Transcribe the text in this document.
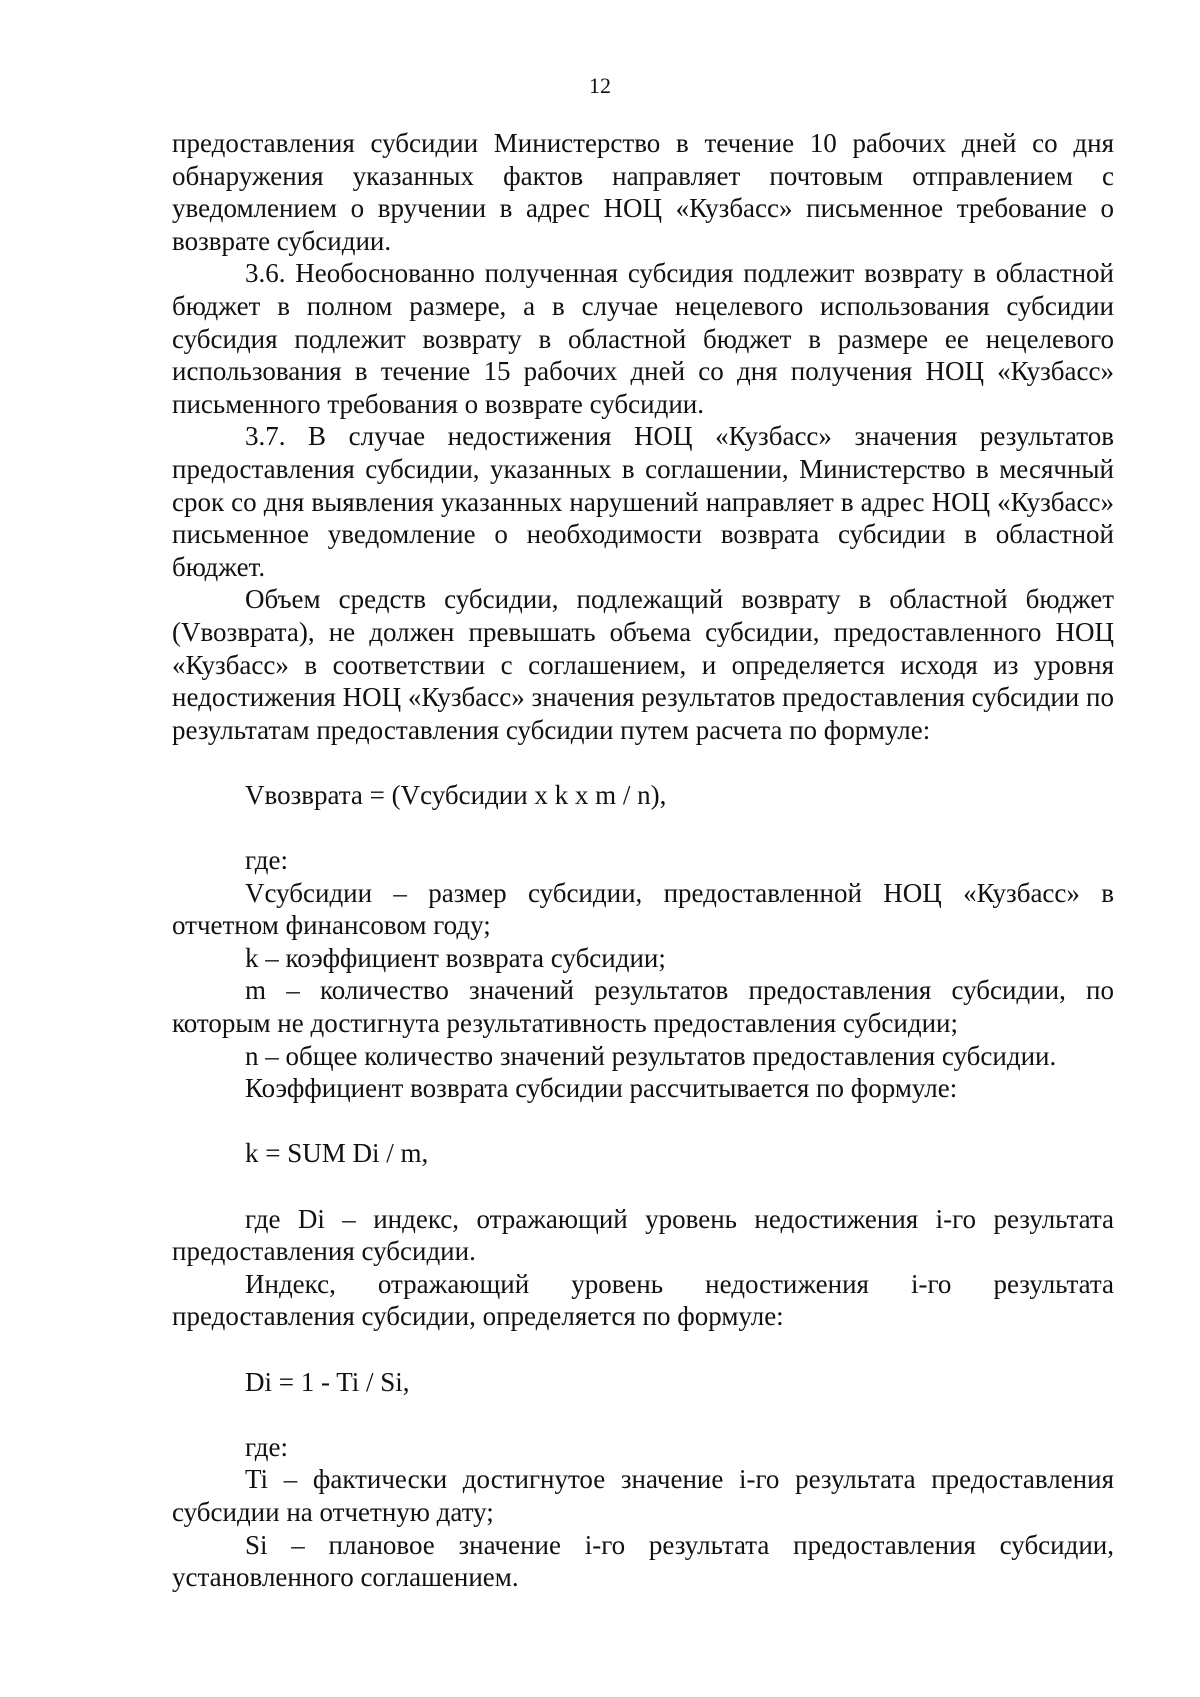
12

предоставления субсидии Министерство в течение 10 рабочих дней со дня обнаружения указанных фактов направляет почтовым отправлением с уведомлением о вручении в адрес НОЦ «Кузбасс» письменное требование о возврате субсидии.

3.6. Необоснованно полученная субсидия подлежит возврату в областной бюджет в полном размере, а в случае нецелевого использования субсидии субсидия подлежит возврату в областной бюджет в размере ее нецелевого использования в течение 15 рабочих дней со дня получения НОЦ «Кузбасс» письменного требования о возврате субсидии.

3.7. В случае недостижения НОЦ «Кузбасс» значения результатов предоставления субсидии, указанных в соглашении, Министерство в месячный срок со дня выявления указанных нарушений направляет в адрес НОЦ «Кузбасс» письменное уведомление о необходимости возврата субсидии в областной бюджет.

Объем средств субсидии, подлежащий возврату в областной бюджет (Vвозврата), не должен превышать объема субсидии, предоставленного НОЦ «Кузбасс» в соответствии с соглашением, и определяется исходя из уровня недостижения НОЦ «Кузбасс» значения результатов предоставления субсидии по результатам предоставления субсидии путем расчета по формуле:

Vвозврата = (Vсубсидии x k x m / n),

где:

Vсубсидии – размер субсидии, предоставленной НОЦ «Кузбасс» в отчетном финансовом году;

k – коэффициент возврата субсидии;

m – количество значений результатов предоставления субсидии, по которым не достигнута результативность предоставления субсидии;

n – общее количество значений результатов предоставления субсидии.

Коэффициент возврата субсидии рассчитывается по формуле:

k = SUM Di / m,

где Di – индекс, отражающий уровень недостижения i-го результата предоставления субсидии.

Индекс, отражающий уровень недостижения i-го результата предоставления субсидии, определяется по формуле:

Di = 1 - Ti / Si,

где:

Ti – фактически достигнутое значение i-го результата предоставления субсидии на отчетную дату;

Si – плановое значение i-го результата предоставления субсидии, установленного соглашением.
